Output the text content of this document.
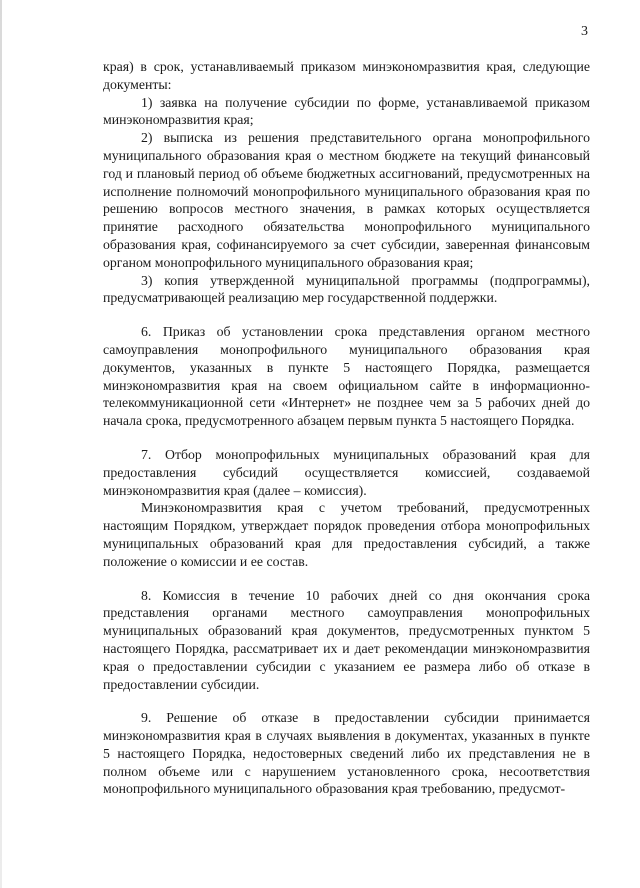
3

края) в срок, устанавливаемый приказом минэкономразвития края, следующие документы:

1) заявка на получение субсидии по форме, устанавливаемой приказом минэкономразвития края;

2) выписка из решения представительного органа монопрофильного муниципального образования края о местном бюджете на текущий финансовый год и плановый период об объеме бюджетных ассигнований, предусмотренных на исполнение полномочий монопрофильного муниципального образования края по решению вопросов местного значения, в рамках которых осуществляется принятие расходного обязательства монопрофильного муниципального образования края, софинансируемого за счет субсидии, заверенная финансовым органом монопрофильного муниципального образования края;

3) копия утвержденной муниципальной программы (подпрограммы), предусматривающей реализацию мер государственной поддержки.

6. Приказ об установлении срока представления органом местного самоуправления монопрофильного муниципального образования края документов, указанных в пункте 5 настоящего Порядка, размещается минэкономразвития края на своем официальном сайте в информационно-телекоммуникационной сети «Интернет» не позднее чем за 5 рабочих дней до начала срока, предусмотренного абзацем первым пункта 5 настоящего Порядка.

7. Отбор монопрофильных муниципальных образований края для предоставления субсидий осуществляется комиссией, создаваемой минэкономразвития края (далее – комиссия).

Минэкономразвития края с учетом требований, предусмотренных настоящим Порядком, утверждает порядок проведения отбора монопрофильных муниципальных образований края для предоставления субсидий, а также положение о комиссии и ее состав.

8. Комиссия в течение 10 рабочих дней со дня окончания срока представления органами местного самоуправления монопрофильных муниципальных образований края документов, предусмотренных пунктом 5 настоящего Порядка, рассматривает их и дает рекомендации минэкономразвития края о предоставлении субсидии с указанием ее размера либо об отказе в предоставлении субсидии.

9. Решение об отказе в предоставлении субсидии принимается минэкономразвития края в случаях выявления в документах, указанных в пункте 5 настоящего Порядка, недостоверных сведений либо их представления не в полном объеме или с нарушением установленного срока, несоответствия монопрофильного муниципального образования края требованию, предусмот-
